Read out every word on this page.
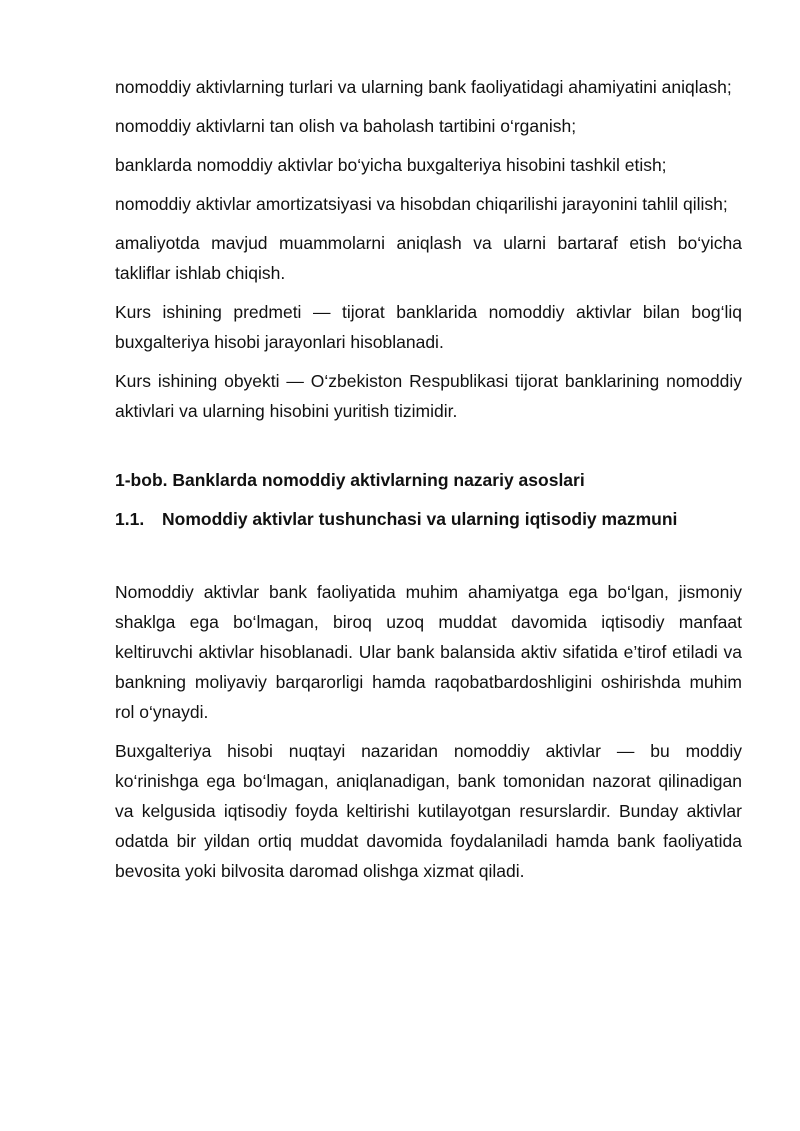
nomoddiy aktivlarning turlari va ularning bank faoliyatidagi ahamiyatini aniqlash;

nomoddiy aktivlarni tan olish va baholash tartibini o‘rganish;

banklarda nomoddiy aktivlar bo‘yicha buxgalteriya hisobini tashkil etish;

nomoddiy aktivlar amortizatsiyasi va hisobdan chiqarilishi jarayonini tahlil qilish;

amaliyotda mavjud muammolarni aniqlash va ularni bartaraf etish bo‘yicha takliflar ishlab chiqish.

Kurs ishining predmeti — tijorat banklarida nomoddiy aktivlar bilan bog‘liq buxgalteriya hisobi jarayonlari hisoblanadi.

Kurs ishining obyekti — O‘zbekiston Respublikasi tijorat banklarining nomoddiy aktivlari va ularning hisobini yuritish tizimidir.

1-bob. Banklarda nomoddiy aktivlarning nazariy asoslari
1.1. Nomoddiy aktivlar tushunchasi va ularning iqtisodiy mazmuni

Nomoddiy aktivlar bank faoliyatida muhim ahamiyatga ega bo‘lgan, jismoniy shaklga ega bo‘lmagan, biroq uzoq muddat davomida iqtisodiy manfaat keltiruvchi aktivlar hisoblanadi. Ular bank balansida aktiv sifatida e’tirof etiladi va bankning moliyaviy barqarorligi hamda raqobatbardoshligini oshirishda muhim rol o‘ynaydi.

Buxgalteriya hisobi nuqtayi nazaridan nomoddiy aktivlar — bu moddiy ko‘rinishga ega bo‘lmagan, aniqlanadigan, bank tomonidan nazorat qilinadigan va kelgusida iqtisodiy foyda keltirishi kutilayotgan resurslardir. Bunday aktivlar odatda bir yildan ortiq muddat davomida foydalaniladi hamda bank faoliyatida bevosita yoki bilvosita daromad olishga xizmat qiladi.
